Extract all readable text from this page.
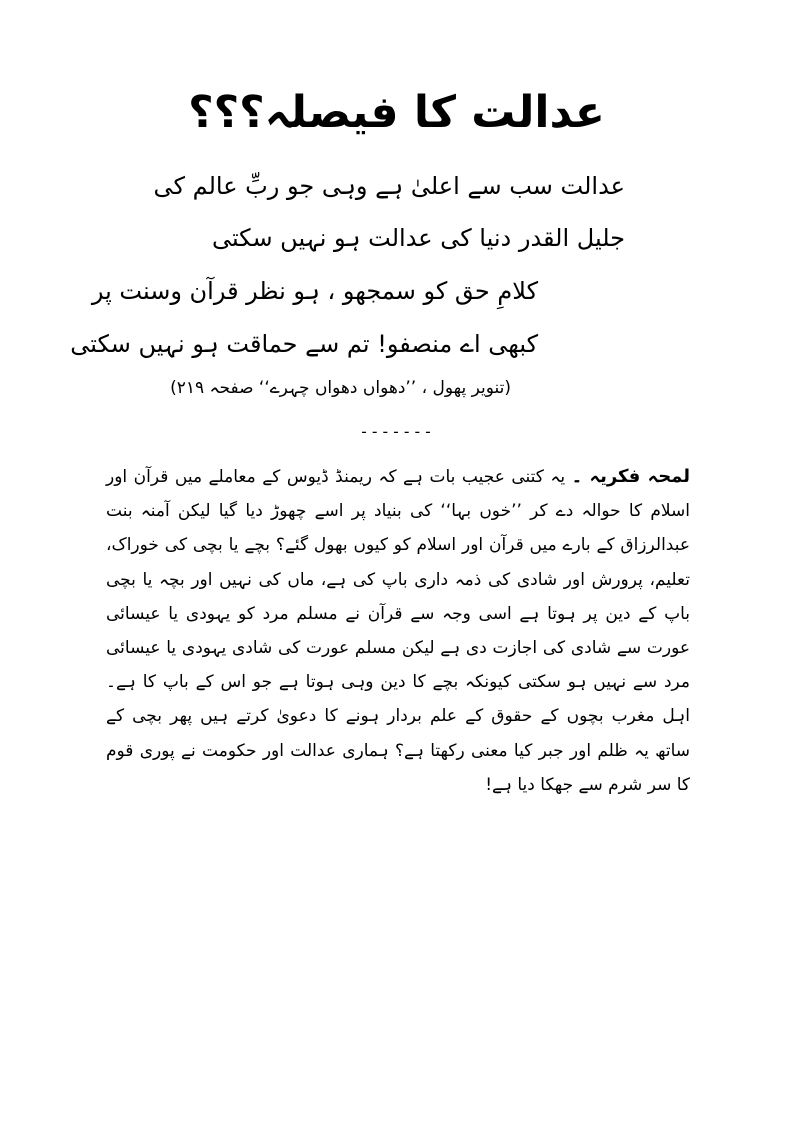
عدالت کا فیصلہ؟؟؟
عدالت سب سے اعلیٰ ہے وہی جو ربِّ عالم کی
جلیل القدر دنیا کی عدالت ہو نہیں سکتی
کلامِ حق کو سمجھو ، ہو نظر قرآن وسنت پر
کبھی اے منصفو! تم سے حماقت ہو نہیں سکتی
(تنویر پھول ، ’’دھواں دھواں چہرے‘‘ صفحہ ۲۱۹)
-------
لمحہ فکریہ ۔ یہ کتنی عجیب بات ہے کہ ریمنڈ ڈیوس کے معاملے میں قرآن اور اسلام کا حوالہ دے کر ’’خوں بہا‘‘ کی بنیاد پر اسے چھوڑ دیا گیا لیکن آمنہ بنت عبدالرزاق کے بارے میں قرآن اور اسلام کو کیوں بھول گئے؟ بچے یا بچی کی خوراک، تعلیم، پرورش اور شادی کی ذمہ داری باپ کی ہے، ماں کی نہیں اور بچہ یا بچی باپ کے دین پر ہوتا ہے اسی وجہ سے قرآن نے مسلم مرد کو یہودی یا عیسائی عورت سے شادی کی اجازت دی ہے لیکن مسلم عورت کی شادی یہودی یا عیسائی مرد سے نہیں ہو سکتی کیونکہ بچے کا دین وہی ہوتا ہے جو اس کے باپ کا ہے۔ اہل مغرب بچوں کے حقوق کے علم بردار ہونے کا دعویٰ کرتے ہیں پھر بچی کے ساتھ یہ ظلم اور جبر کیا معنی رکھتا ہے؟ ہماری عدالت اور حکومت نے پوری قوم کا سر شرم سے جھکا دیا ہے!
